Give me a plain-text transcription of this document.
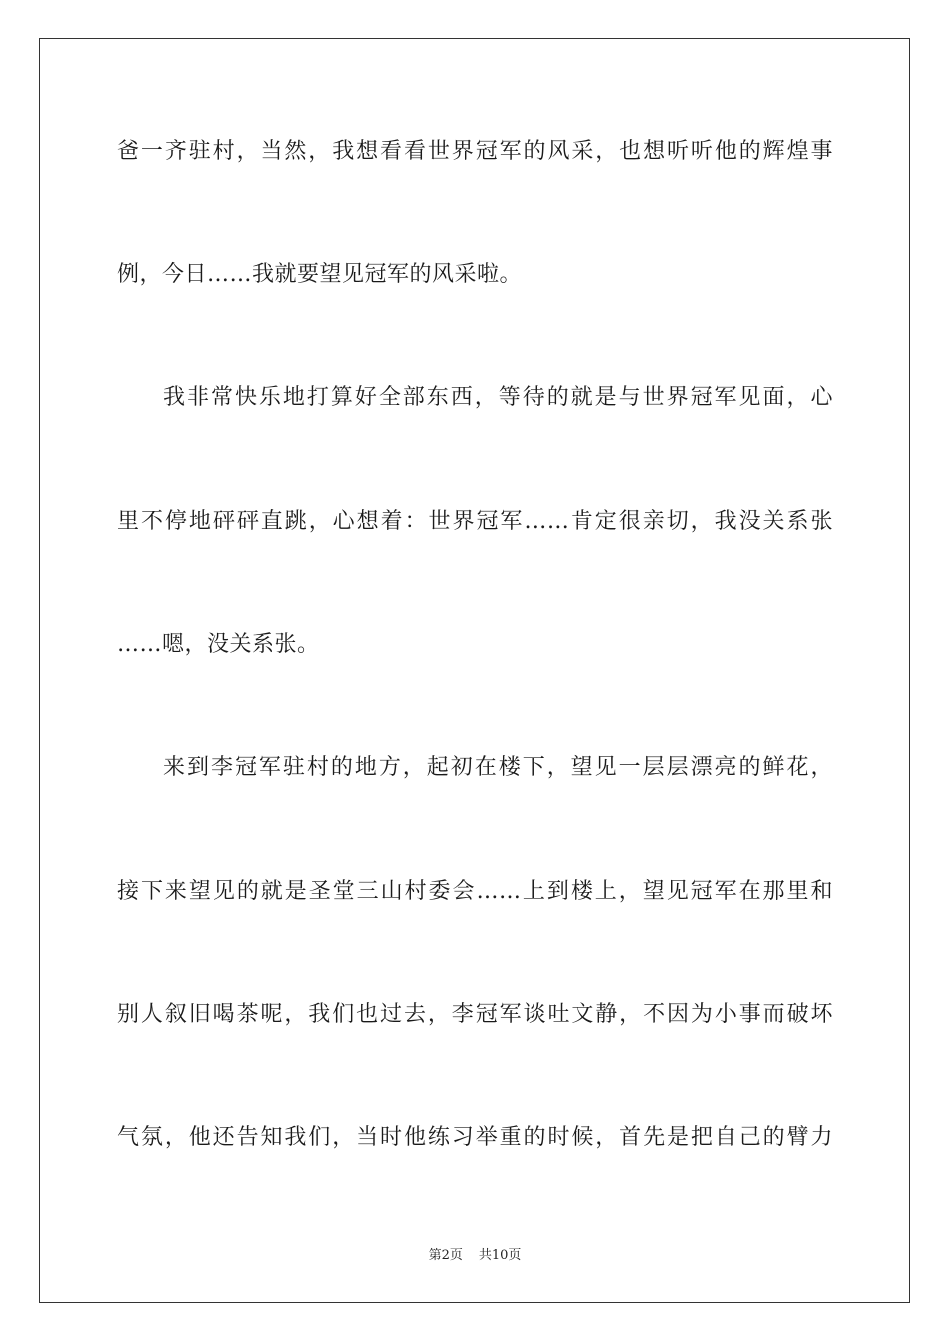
爸一齐驻村，当然，我想看看世界冠军的风采，也想听听他的辉煌事
例，今日……我就要望见冠军的风采啦。
我非常快乐地打算好全部东西，等待的就是与世界冠军见面，心
里不停地砰砰直跳，心想着：世界冠军……肯定很亲切，我没关系张
……嗯，没关系张。
来到李冠军驻村的地方，起初在楼下，望见一层层漂亮的鲜花，
接下来望见的就是圣堂三山村委会……上到楼上，望见冠军在那里和
别人叙旧喝茶呢，我们也过去，李冠军谈吐文静，不因为小事而破坏
气氛，他还告知我们，当时他练习举重的时候，首先是把自己的臂力
第2页 共10页
